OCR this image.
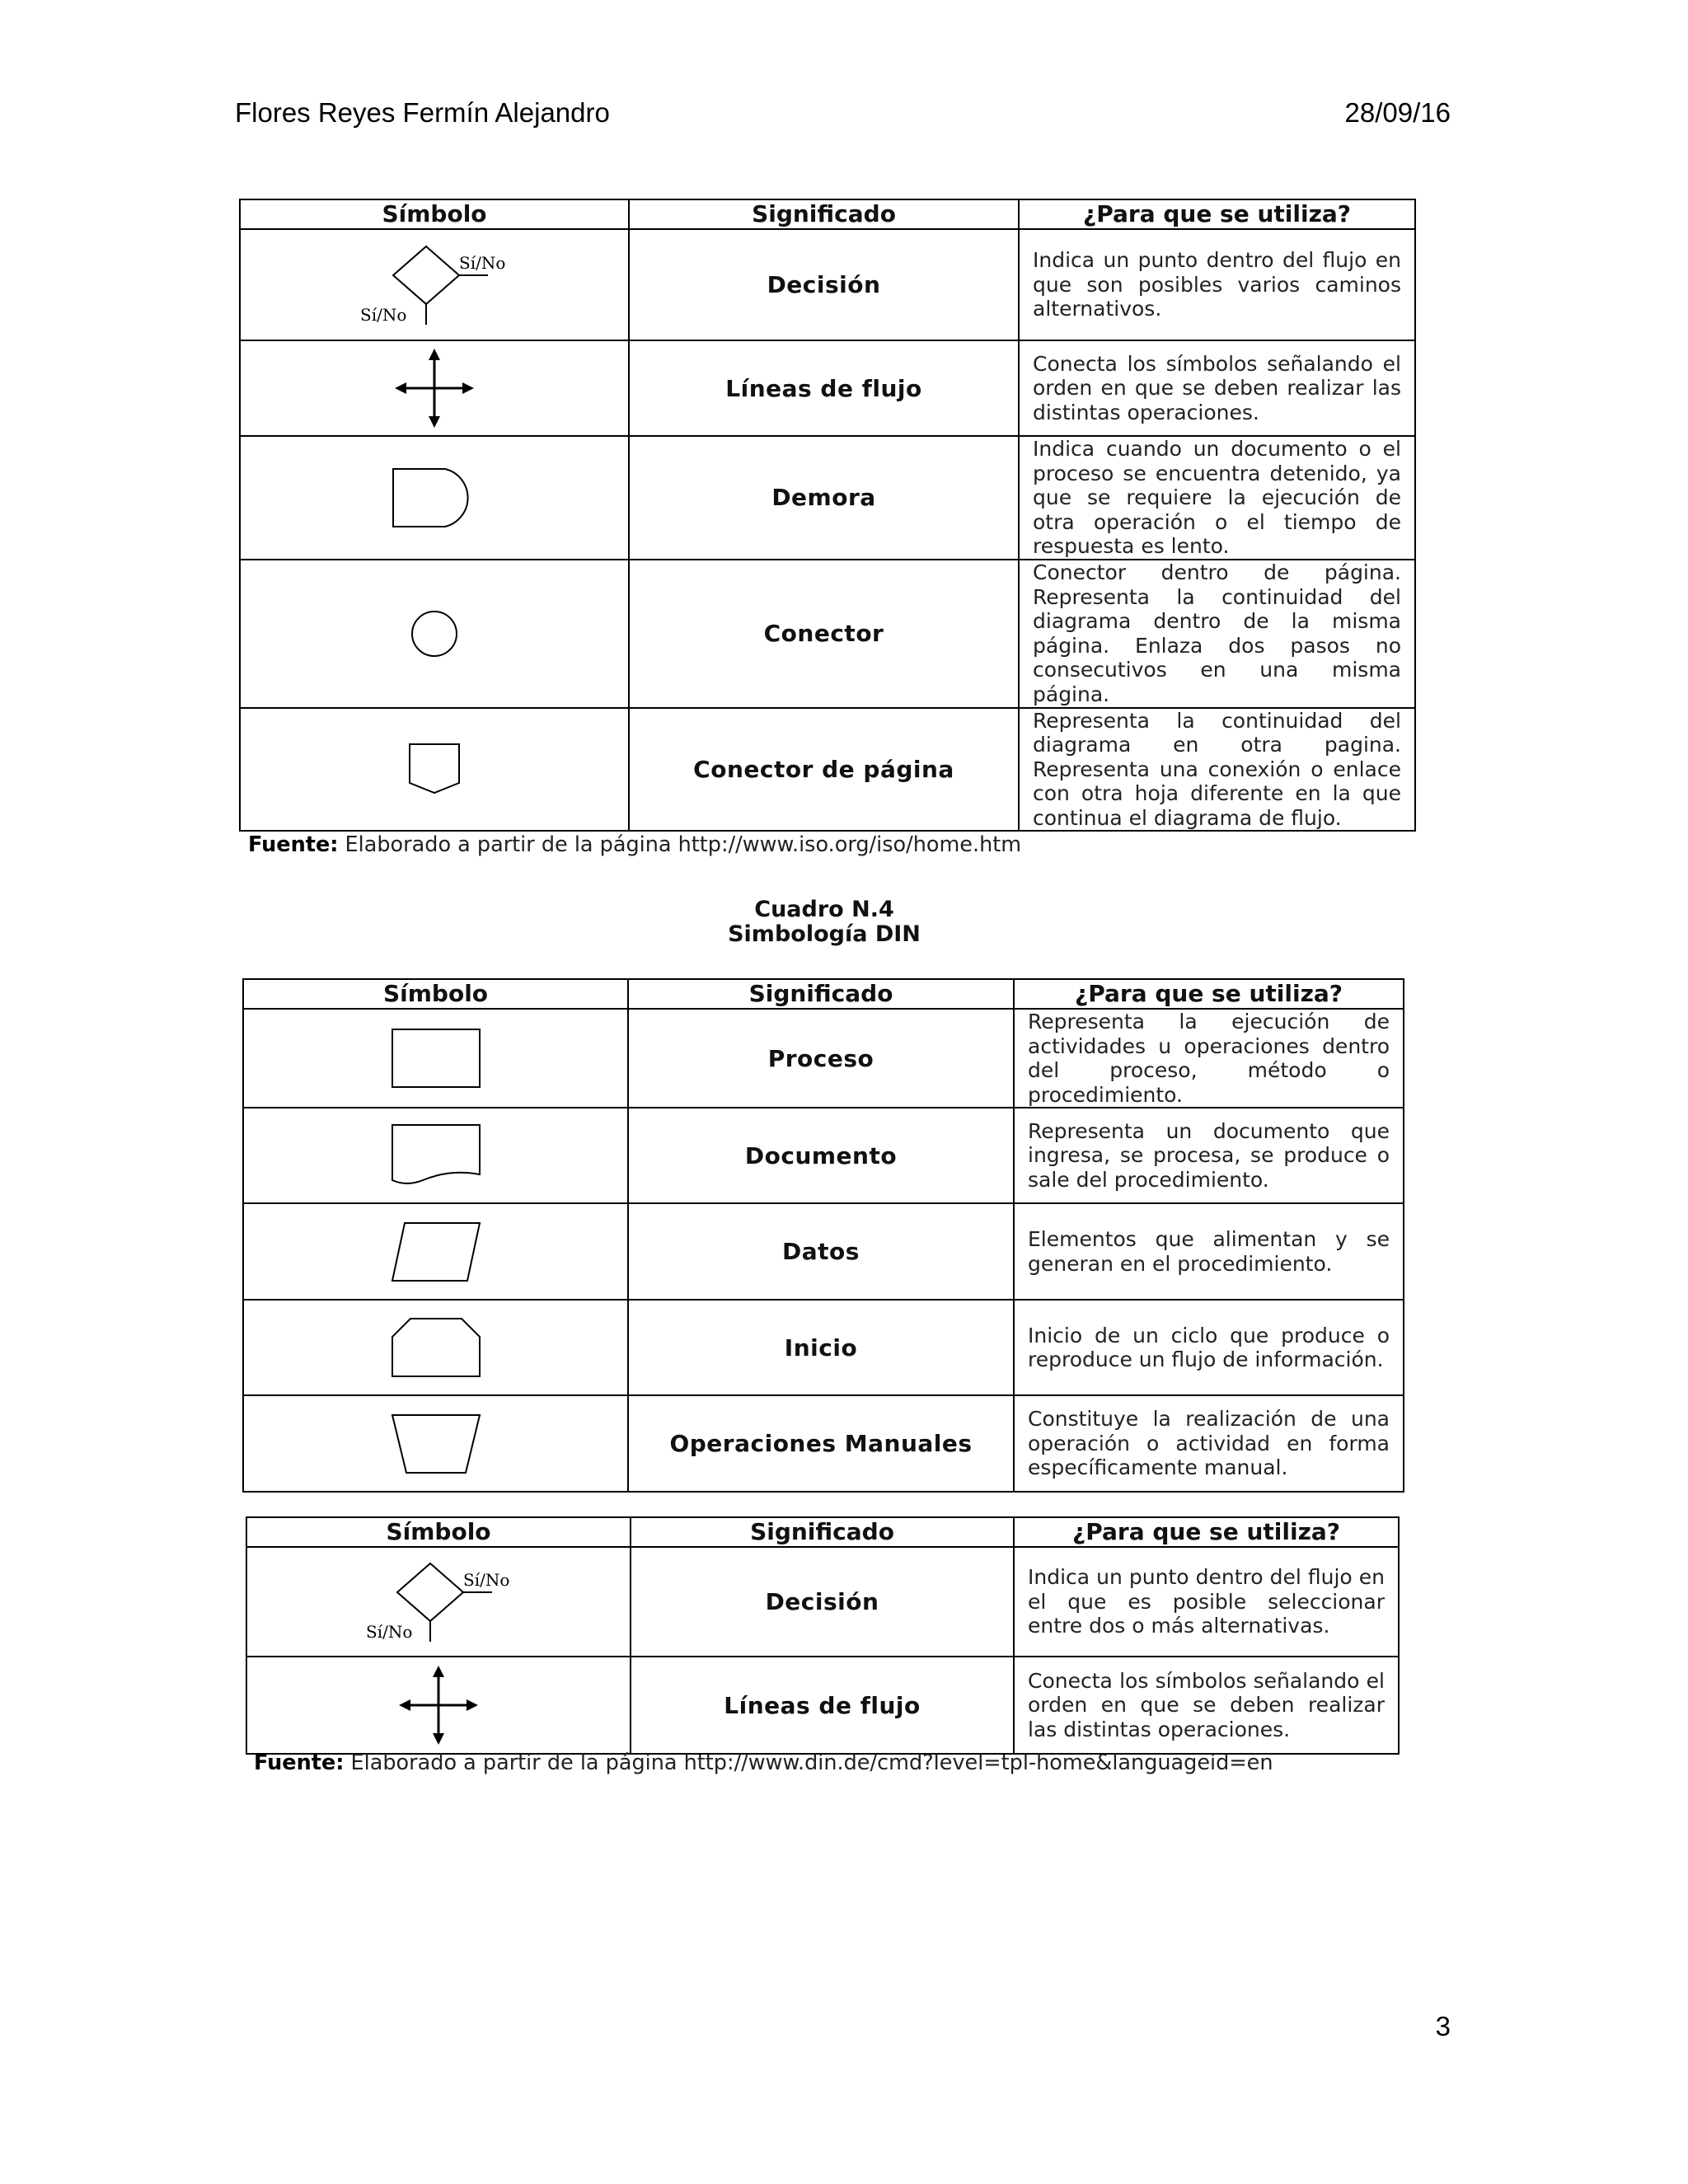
Flores Reyes Fermín Alejandro	28/09/16
Símbolo	Significado	¿Para que se utiliza?

Sí/No
Sí/No	Decisión	Indica un punto dentro del flujo en que son posibles varios caminos alternativos.

	Líneas de flujo	Conecta los símbolos señalando el orden en que se deben realizar las distintas operaciones.

	Demora	Indica cuando un documento o el proceso se encuentra detenido, ya que se requiere la ejecución de otra operación o el tiempo de respuesta es lento.

	Conector	Conector dentro de página. Representa la continuidad del diagrama dentro de la misma página. Enlaza dos pasos no consecutivos en una misma página.

	Conector de página	Representa la continuidad del diagrama en otra pagina. Representa una conexión o enlace con otra hoja diferente en la que continua el diagrama de flujo.
Fuente: Elaborado a partir de la página http://www.iso.org/iso/home.htm
Cuadro N.4
Simbología DIN
Símbolo	Significado	¿Para que se utiliza?

	Proceso	Representa la ejecución de actividades u operaciones dentro del proceso, método o procedimiento.

	Documento	Representa un documento que ingresa, se procesa, se produce o sale del procedimiento.

	Datos	Elementos que alimentan y se generan en el procedimiento.

	Inicio	Inicio de un ciclo que produce o reproduce un flujo de información.

	Operaciones Manuales	Constituye la realización de una operación o actividad en forma específicamente manual.
Símbolo	Significado	¿Para que se utiliza?

Sí/No
Sí/No	Decisión	Indica un punto dentro del flujo en el que es posible seleccionar entre dos o más alternativas.

	Líneas de flujo	Conecta los símbolos señalando el orden en que se deben realizar las distintas operaciones.
Fuente: Elaborado a partir de la página http://www.din.de/cmd?level=tpl-home&languageid=en
3
